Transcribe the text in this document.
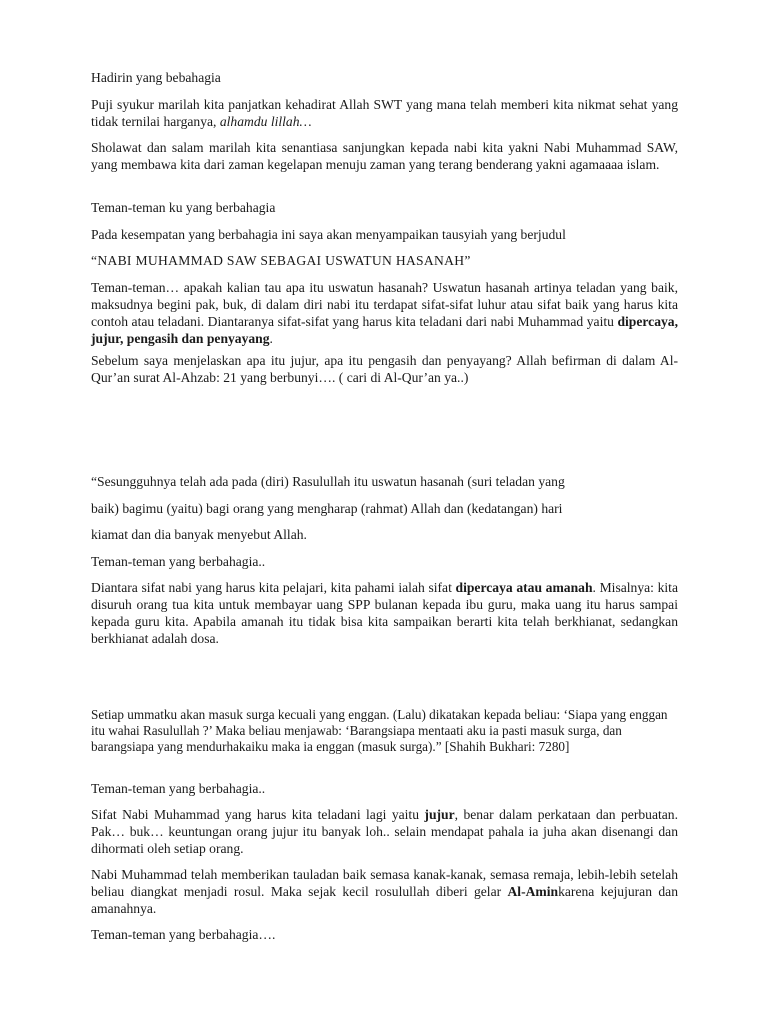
Hadirin yang bebahagia

Puji syukur marilah kita panjatkan kehadirat Allah SWT yang mana telah memberi kita nikmat sehat yang tidak ternilai harganya, alhamdu lillah…

Sholawat dan salam marilah kita senantiasa sanjungkan kepada nabi kita yakni Nabi Muhammad SAW, yang membawa kita dari zaman kegelapan menuju zaman yang terang benderang yakni agamaaaa islam.

Teman-teman ku yang berbahagia

Pada kesempatan yang berbahagia ini saya akan menyampaikan tausyiah yang berjudul

“NABI MUHAMMAD SAW SEBAGAI USWATUN HASANAH”

Teman-teman… apakah kalian tau apa itu uswatun hasanah? Uswatun hasanah artinya teladan yang baik, maksudnya begini pak, buk, di dalam diri nabi itu terdapat sifat-sifat luhur atau sifat baik yang harus kita contoh atau teladani. Diantaranya sifat-sifat yang harus kita teladani dari nabi Muhammad yaitu dipercaya, jujur, pengasih dan penyayang.

Sebelum saya menjelaskan apa itu jujur, apa itu pengasih dan penyayang? Allah befirman di dalam Al-Qur’an surat Al-Ahzab: 21 yang berbunyi…. ( cari di Al-Qur’an ya..)

“Sesungguhnya telah ada pada (diri) Rasulullah itu uswatun hasanah (suri teladan yang

baik) bagimu (yaitu) bagi orang yang mengharap (rahmat) Allah dan (kedatangan) hari

kiamat dan dia banyak menyebut Allah.

Teman-teman yang berbahagia..

Diantara sifat nabi yang harus kita pelajari, kita pahami ialah sifat dipercaya atau amanah. Misalnya: kita disuruh orang tua kita untuk membayar uang SPP bulanan kepada ibu guru, maka uang itu harus sampai kepada guru kita. Apabila amanah itu tidak bisa kita sampaikan berarti kita telah berkhianat, sedangkan berkhianat adalah dosa.

Setiap ummatku akan masuk surga kecuali yang enggan. (Lalu) dikatakan kepada beliau: ‘Siapa yang enggan itu wahai Rasulullah ?’ Maka beliau menjawab: ‘Barangsiapa mentaati aku ia pasti masuk surga, dan barangsiapa yang mendurhakaiku maka ia enggan (masuk surga).” [Shahih Bukhari: 7280]

Teman-teman yang berbahagia..

Sifat Nabi Muhammad yang harus kita teladani lagi yaitu jujur, benar dalam perkataan dan perbuatan. Pak… buk… keuntungan orang jujur itu banyak loh.. selain mendapat pahala ia juha akan disenangi dan dihormati oleh setiap orang.

Nabi Muhammad telah memberikan tauladan baik semasa kanak-kanak, semasa remaja, lebih-lebih setelah beliau diangkat menjadi rosul. Maka sejak kecil rosulullah diberi gelar Al-Aminkarena kejujuran dan amanahnya.

Teman-teman yang berbahagia….
